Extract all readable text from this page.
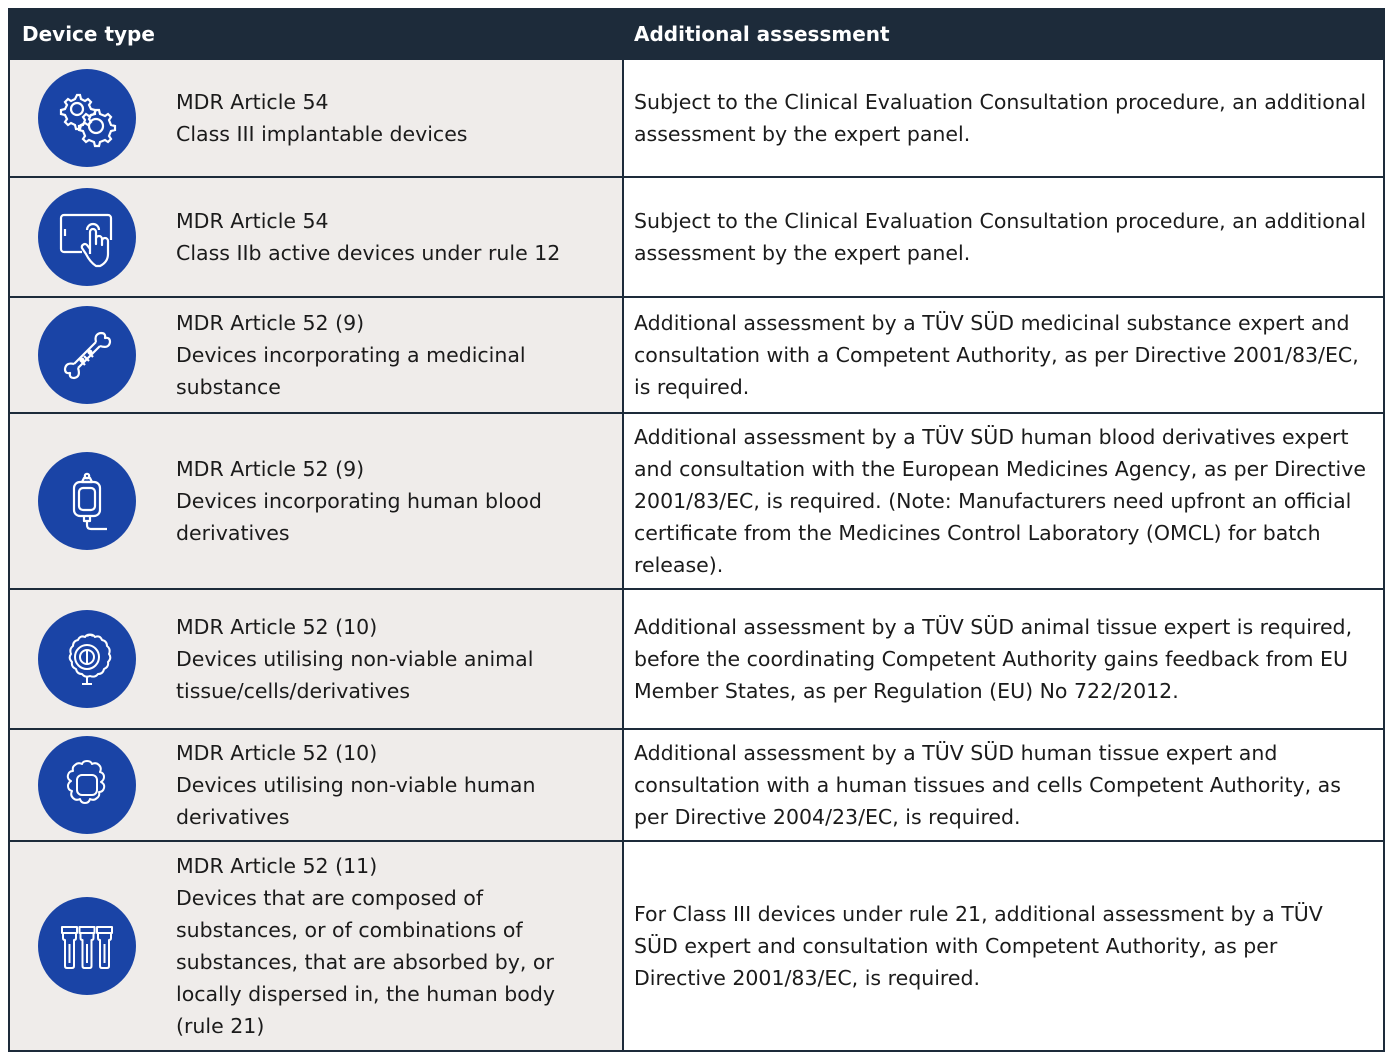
Device type	Additional assessment
MDR Article 54
Class III implantable devices
Subject to the Clinical Evaluation Consultation procedure, an additional assessment by the expert panel.
MDR Article 54
Class IIb active devices under rule 12
Subject to the Clinical Evaluation Consultation procedure, an additional assessment by the expert panel.
MDR Article 52 (9)
Devices incorporating a medicinal substance
Additional assessment by a TÜV SÜD medicinal substance expert and consultation with a Competent Authority, as per Directive 2001/83/EC, is required.
MDR Article 52 (9)
Devices incorporating human blood derivatives
Additional assessment by a TÜV SÜD human blood derivatives expert and consultation with the European Medicines Agency, as per Directive 2001/83/EC, is required. (Note: Manufacturers need upfront an official certificate from the Medicines Control Laboratory (OMCL) for batch release).
MDR Article 52 (10)
Devices utilising non-viable animal tissue/cells/derivatives
Additional assessment by a TÜV SÜD animal tissue expert is required, before the coordinating Competent Authority gains feedback from EU Member States, as per Regulation (EU) No 722/2012.
MDR Article 52 (10)
Devices utilising non-viable human derivatives
Additional assessment by a TÜV SÜD human tissue expert and consultation with a human tissues and cells Competent Authority, as per Directive 2004/23/EC, is required.
MDR Article 52 (11)
Devices that are composed of substances, or of combinations of substances, that are absorbed by, or locally dispersed in, the human body (rule 21)
For Class III devices under rule 21, additional assessment by a TÜV SÜD expert and consultation with Competent Authority, as per Directive 2001/83/EC, is required.
